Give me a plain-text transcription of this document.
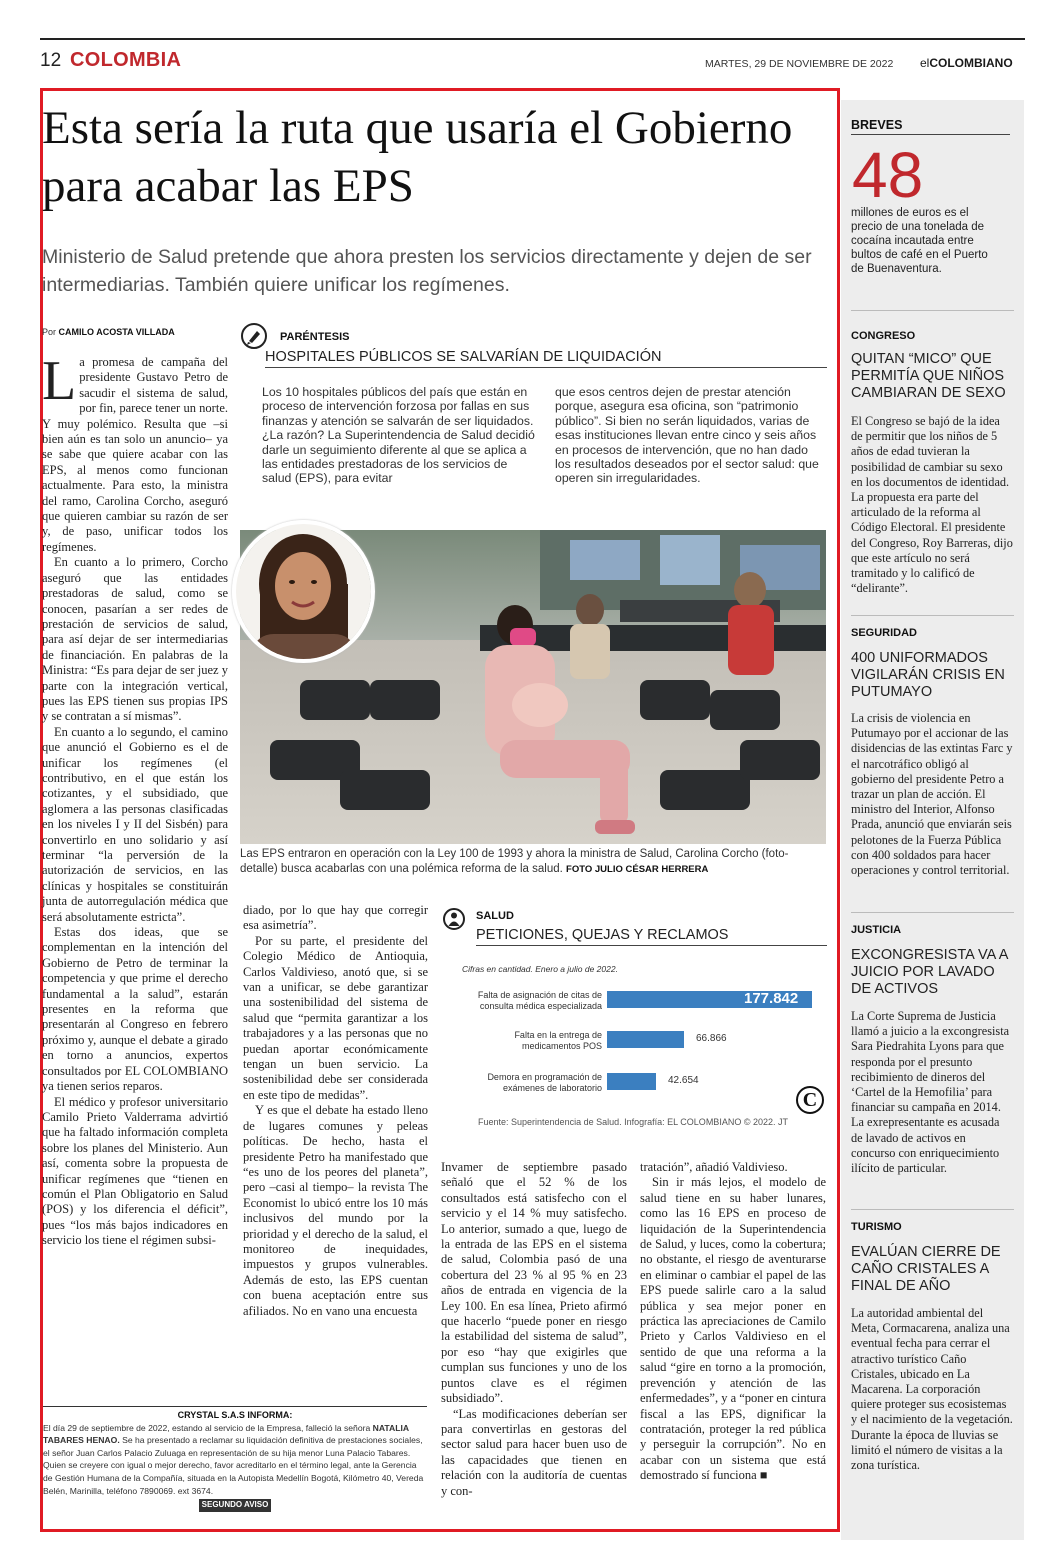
12 COLOMBIA	MARTES, 29 DE NOVIEMBRE DE 2022 elCOLOMBIANO
Esta sería la ruta que usaría el Gobierno para acabar las EPS
Ministerio de Salud pretende que ahora presten los servicios directamente y dejen de ser intermediarias. También quiere unificar los regímenes.
Por CAMILO ACOSTA VILLADA

La promesa de campaña del presidente Gustavo Petro de sacudir el sistema de salud, por fin, parece tener un norte. Y muy polémico. Resulta que –si bien aún es tan solo un anuncio– ya se sabe que quiere acabar con las EPS, al menos como funcionan actualmente. Para esto, la ministra del ramo, Carolina Corcho, aseguró que quieren cambiar su razón de ser y, de paso, unificar todos los regímenes.

En cuanto a lo primero, Corcho aseguró que las entidades prestadoras de salud, como se conocen, pasarían a ser redes de prestación de servicios de salud, para así dejar de ser intermediarias de financiación. En palabras de la Ministra: “Es para dejar de ser juez y parte con la integración vertical, pues las EPS tienen sus propias IPS y se contratan a sí mismas”.

En cuanto a lo segundo, el camino que anunció el Gobierno es el de unificar los regímenes (el contributivo, en el que están los cotizantes, y el subsidiado, que aglomera a las personas clasificadas en los niveles I y II del Sisbén) para convertirlo en uno solidario y así terminar “la perversión de la autorización de servicios, en las clínicas y hospitales se constituirán junta de autorregulación médica que será absolutamente estricta”.

Estas dos ideas, que se complementan en la intención del Gobierno de Petro de terminar la competencia y que prime el derecho fundamental a la salud”, estarán presentes en la reforma que presentarán al Congreso en febrero próximo y, aunque el debate a girado en torno a anuncios, expertos consultados por EL COLOMBIANO ya tienen serios reparos.

El médico y profesor universitario Camilo Prieto Valderrama advirtió que ha faltado información completa sobre los planes del Ministerio. Aun así, comenta sobre la propuesta de unificar regímenes que “tienen en común el Plan Obligatorio en Salud (POS) y los diferencia el déficit”, pues “los más bajos indicadores en servicio los tiene el régimen subsi-

PARÉNTESIS
HOSPITALES PÚBLICOS SE SALVARÍAN DE LIQUIDACIÓN
Los 10 hospitales públicos del país que están en proceso de intervención forzosa por fallas en sus finanzas y atención se salvarán de ser liquidados. ¿La razón? La Superintendencia de Salud decidió darle un seguimiento diferente al que se aplica a las entidades prestadoras de los servicios de salud (EPS), para evitar
que esos centros dejen de prestar atención porque, asegura esa oficina, son “patrimonio público”. Si bien no serán liquidados, varias de esas instituciones llevan entre cinco y seis años en procesos de intervención, que no han dado los resultados deseados por el sector salud: que operen sin irregularidades.
Las EPS entraron en operación con la Ley 100 de 1993 y ahora la ministra de Salud, Carolina Corcho (foto-detalle) busca acabarlas con una polémica reforma de la salud. FOTO JULIO CÉSAR HERRERA

diado, por lo que hay que corregir esa asimetría”.

Por su parte, el presidente del Colegio Médico de Antioquia, Carlos Valdivieso, anotó que, si se van a unificar, se debe garantizar una sostenibilidad del sistema de salud que “permita garantizar a los trabajadores y a las personas que no puedan aportar económicamente tengan un buen servicio. La sostenibilidad debe ser considerada en este tipo de medidas”.

Y es que el debate ha estado lleno de lugares comunes y peleas políticas. De hecho, hasta el presidente Petro ha manifestado que “es uno de los peores del planeta”, pero –casi al tiempo– la revista The Economist lo ubicó entre los 10 más inclusivos del mundo por la prioridad y el derecho de la salud, el monitoreo de inequidades, impuestos y grupos vulnerables. Además de esto, las EPS cuentan con buena aceptación entre sus afiliados. No en vano una encuesta

SALUD
PETICIONES, QUEJAS Y RECLAMOS
Cifras en cantidad. Enero a julio de 2022.
Falta de asignación de citas de
consulta médica especializada	177.842
Falta en la entrega de
medicamentos POS
66.866
Demora en programación de
exámenes de laboratorio
42.654
C
Fuente: Superintendencia de Salud. Infografía: EL COLOMBIANO © 2022. JT
CRYSTAL S.A.S INFORMA:
El día 29 de septiembre de 2022, estando al servicio de la Empresa, falleció la señora NATALIA TABARES HENAO. Se ha presentado a reclamar su liquidación definitiva de prestaciones sociales, el señor Juan Carlos Palacio Zuluaga en representación de su hija menor Luna Palacio Tabares. Quien se creyere con igual o mejor derecho, favor acreditarlo en el término legal, ante la Gerencia de Gestión Humana de la Compañía, situada en la Autopista Medellín Bogotá, Kilómetro 40, Vereda Belén, Marinilla, teléfono 7890069. ext 3674.
SEGUNDO AVISO

Invamer de septiembre pasado señaló que el 52 % de los consultados está satisfecho con el servicio y el 14 % muy satisfecho. Lo anterior, sumado a que, luego de la entrada de las EPS en el sistema de salud, Colombia pasó de una cobertura del 23 % al 95 % en 23 años de entrada en vigencia de la Ley 100. En esa línea, Prieto afirmó que hacerlo “puede poner en riesgo la estabilidad del sistema de salud”, por eso “hay que exigirles que cumplan sus funciones y uno de los puntos clave es el régimen subsidiado”.

“Las modificaciones deberían ser para convertirlas en gestoras del sector salud para hacer buen uso de las capacidades que tienen en relación con la auditoría de cuentas y con-

tratación”, añadió Valdivieso.

Sin ir más lejos, el modelo de salud tiene en su haber lunares, como las 16 EPS en proceso de liquidación de la Superintendencia de Salud, y luces, como la cobertura; no obstante, el riesgo de aventurarse en eliminar o cambiar el papel de las EPS puede salirle caro a la salud pública y sea mejor poner en práctica las apreciaciones de Camilo Prieto y Carlos Valdivieso en el sentido de que una reforma a la salud “gire en torno a la promoción, prevención y atención de las enfermedades”, y a “poner en cintura fiscal a las EPS, dignificar la contratación, proteger la red pública y perseguir la corrupción”. No en acabar con un sistema que está demostrado sí funciona ■

BREVES
48
millones de euros es el precio de una tonelada de cocaína incautada entre bultos de café en el Puerto de Buenaventura.
CONGRESO
QUITAN “MICO” QUE PERMITÍA QUE NIÑOS CAMBIARAN DE SEXO
El Congreso se bajó de la idea de permitir que los niños de 5 años de edad tuvieran la posibilidad de cambiar su sexo en los documentos de identidad. La propuesta era parte del articulado de la reforma al Código Electoral. El presidente del Congreso, Roy Barreras, dijo que este artículo no será tramitado y lo calificó de “delirante”.
SEGURIDAD
400 UNIFORMADOS VIGILARÁN CRISIS EN PUTUMAYO
La crisis de violencia en Putumayo por el accionar de las disidencias de las extintas Farc y el narcotráfico obligó al gobierno del presidente Petro a trazar un plan de acción. El ministro del Interior, Alfonso Prada, anunció que enviarán seis pelotones de la Fuerza Pública con 400 soldados para hacer operaciones y control territorial.
JUSTICIA
EXCONGRESISTA VA A JUICIO POR LAVADO DE ACTIVOS
La Corte Suprema de Justicia llamó a juicio a la excongresista Sara Piedrahita Lyons para que responda por el presunto recibimiento de dineros del ‘Cartel de la Hemofilia’ para financiar su campaña en 2014. La exrepresentante es acusada de lavado de activos en concurso con enriquecimiento ilícito de particular.
TURISMO
EVALÚAN CIERRE DE CAÑO CRISTALES A FINAL DE AÑO
La autoridad ambiental del Meta, Cormacarena, analiza una eventual fecha para cerrar el atractivo turístico Caño Cristales, ubicado en La Macarena. La corporación quiere proteger sus ecosistemas y el nacimiento de la vegetación. Durante la época de lluvias se limitó el número de visitas a la zona turística.
